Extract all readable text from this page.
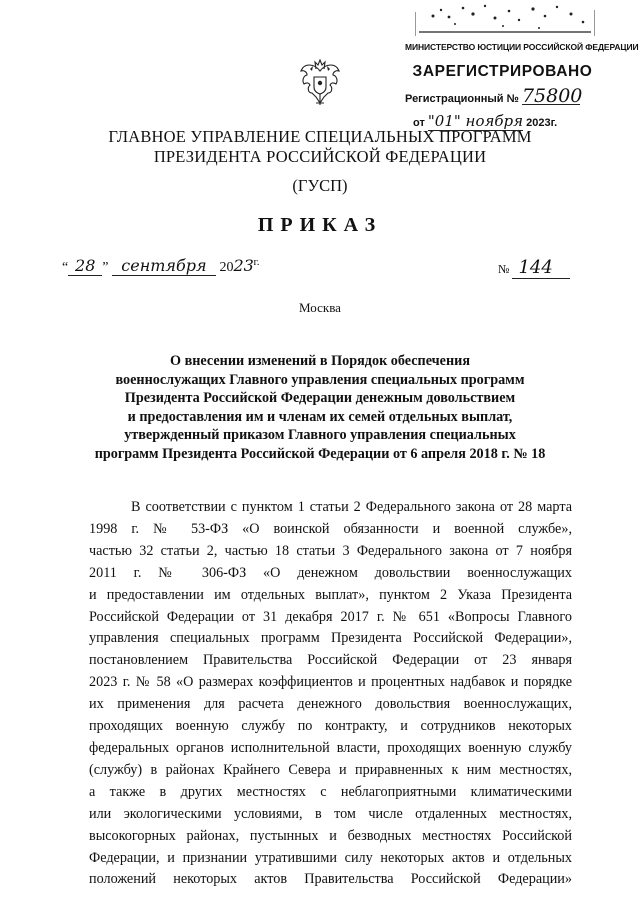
МИНИСТЕРСТВО ЮСТИЦИИ РОССИЙСКОЙ ФЕДЕРАЦИИ
ЗАРЕГИСТРИРОВАНО
Регистрационный № 75800
от "01" ноября 2023г.
ГЛАВНОЕ УПРАВЛЕНИЕ СПЕЦИАЛЬНЫХ ПРОГРАММ
ПРЕЗИДЕНТА РОССИЙСКОЙ ФЕДЕРАЦИИ
(ГУСП)
ПРИКАЗ
“ 28 ” сентября $2023^{г.}$	№ 144
Москва
О внесении изменений в Порядок обеспечения
военнослужащих Главного управления специальных программ
Президента Российской Федерации денежным довольствием
и предоставления им и членам их семей отдельных выплат,
утвержденный приказом Главного управления специальных
программ Президента Российской Федерации от 6 апреля 2018 г. № 18
В соответствии с пунктом 1 статьи 2 Федерального закона от 28 марта
1998 г. № 53-ФЗ «О воинской обязанности и военной службе»,
частью 32 статьи 2, частью 18 статьи 3 Федерального закона от 7 ноября
2011 г. № 306-ФЗ «О денежном довольствии военнослужащих
и предоставлении им отдельных выплат», пунктом 2 Указа Президента
Российской Федерации от 31 декабря 2017 г. № 651 «Вопросы Главного
управления специальных программ Президента Российской Федерации»,
постановлением Правительства Российской Федерации от 23 января
2023 г. № 58 «О размерах коэффициентов и процентных надбавок и порядке
их применения для расчета денежного довольствия военнослужащих,
проходящих военную службу по контракту, и сотрудников некоторых
федеральных органов исполнительной власти, проходящих военную службу
(службу) в районах Крайнего Севера и приравненных к ним местностях,
а также в других местностях с неблагоприятными климатическими
или экологическими условиями, в том числе отдаленных местностях,
высокогорных районах, пустынных и безводных местностях Российской
Федерации, и признании утратившими силу некоторых актов и отдельных
положений некоторых актов Правительства Российской Федерации»
